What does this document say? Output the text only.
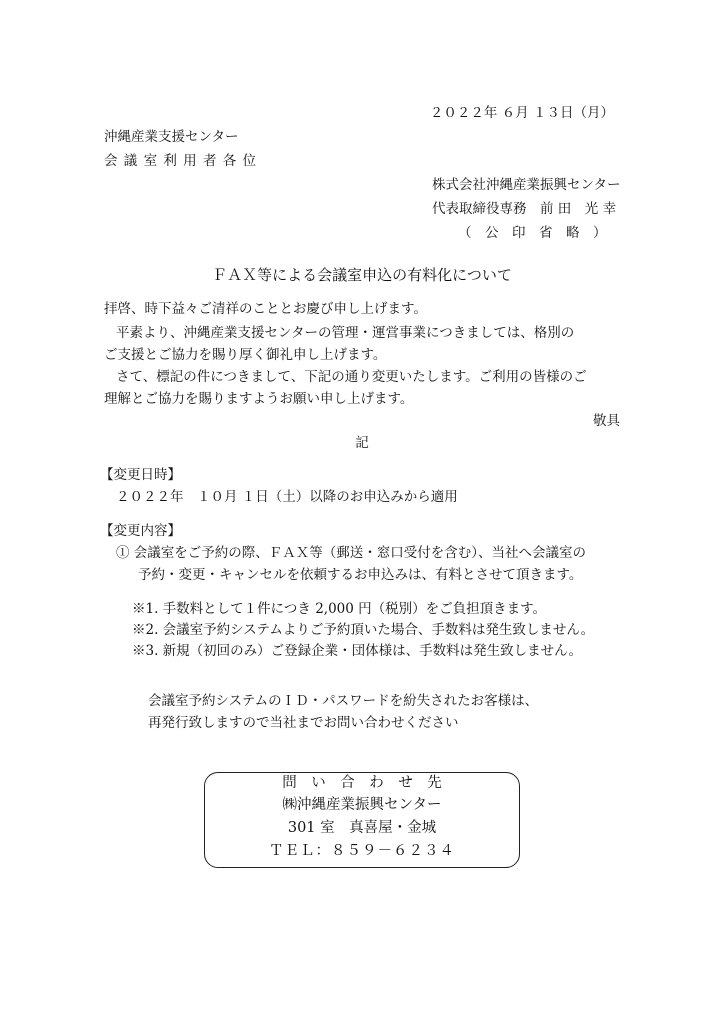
２０２２年 ６月 １３日（月）
沖縄産業支援センター
会 議 室 利 用 者 各 位
株式会社沖縄産業振興センター
代表取締役専務　前 田　光 幸
（　公　印　省　略　）
ＦＡＸ等による会議室申込の有料化について
拝啓、時下益々ご清祥のこととお慶び申し上げます。
平素より、沖縄産業支援センターの管理・運営事業につきましては、格別の
ご支援とご協力を賜り厚く御礼申し上げます。
さて、標記の件につきまして、下記の通り変更いたします。ご利用の皆様のご
理解とご協力を賜りますようお願い申し上げます。
敬具
記
【変更日時】
２０２２年　１０月 １日（土）以降のお申込みから適用
【変更内容】
① 会議室をご予約の際、ＦＡＸ等（郵送・窓口受付を含む）、当社へ会議室の
予約・変更・キャンセルを依頼するお申込みは、有料とさせて頂きます。
※1. 手数料として１件につき 2,000 円（税別）をご負担頂きます。
※2. 会議室予約システムよりご予約頂いた場合、手数料は発生致しません。
※3. 新規（初回のみ）ご登録企業・団体様は、手数料は発生致しません。
会議室予約システムのＩＤ・パスワードを紛失されたお客様は、
再発行致しますので当社までお問い合わせください
問　い　合　わ　せ　先
㈱沖縄産業振興センター
301 室　真喜屋・金城
ＴＥＬ：８５９－６２３４
